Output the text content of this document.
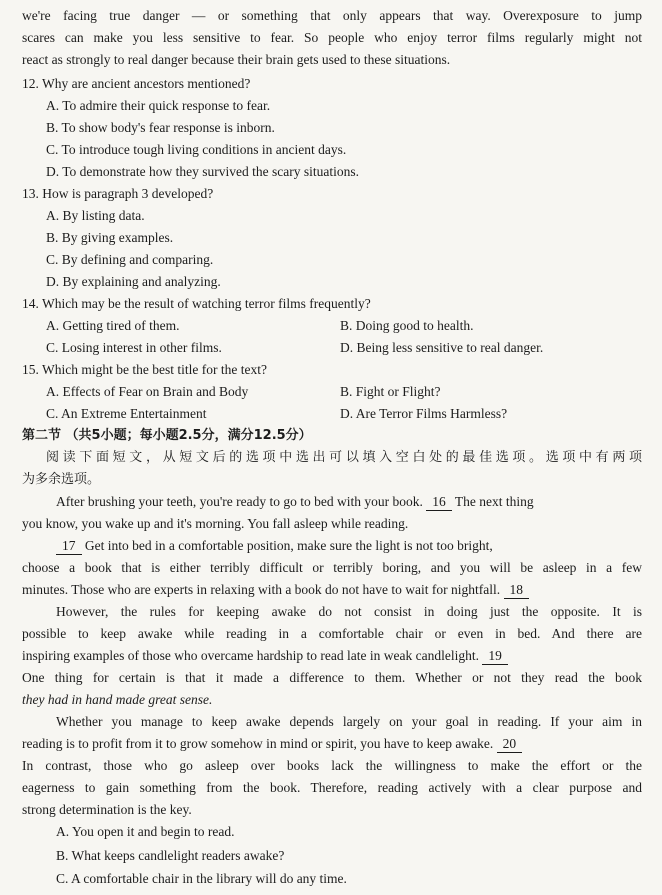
we're facing true danger — or something that only appears that way. Overexposure to jump
scares can make you less sensitive to fear. So people who enjoy terror films regularly might not
react as strongly to real danger because their brain gets used to these situations.
12. Why are ancient ancestors mentioned?
A. To admire their quick response to fear.
B. To show body's fear response is inborn.
C. To introduce tough living conditions in ancient days.
D. To demonstrate how they survived the scary situations.
13. How is paragraph 3 developed?
A. By listing data.
B. By giving examples.
C. By defining and comparing.
D. By explaining and analyzing.
14. Which may be the result of watching terror films frequently?
A. Getting tired of them.	B. Doing good to health.
C. Losing interest in other films.	D. Being less sensitive to real danger.
15. Which might be the best title for the text?
A. Effects of Fear on Brain and Body	B. Fight or Flight?
C. An Extreme Entertainment	D. Are Terror Films Harmless?
第二节 （共5小题；每小题2.5分，满分12.5分）
阅读下面短文，从短文后的选项中选出可以填入空白处的最佳选项。选项中有两项
为多余选项。
After brushing your teeth, you're ready to go to bed with your book. 16 The next thing
you know, you wake up and it's morning. You fall asleep while reading.
17 Get into bed in a comfortable position, make sure the light is not too bright,
choose a book that is either terribly difficult or terribly boring, and you will be asleep in a few
minutes. Those who are experts in relaxing with a book do not have to wait for nightfall. 18
However, the rules for keeping awake do not consist in doing just the opposite. It is
possible to keep awake while reading in a comfortable chair or even in bed. And there are
inspiring examples of those who overcame hardship to read late in weak candlelight. 19
One thing for certain is that it made a difference to them. Whether or not they read the book
they had in hand made great sense.
Whether you manage to keep awake depends largely on your goal in reading. If your aim in
reading is to profit from it to grow somehow in mind or spirit, you have to keep awake. 20
In contrast, those who go asleep over books lack the willingness to make the effort or the
eagerness to gain something from the book. Therefore, reading actively with a clear purpose and
strong determination is the key.
A. You open it and begin to read.
B. What keeps candlelight readers awake?
C. A comfortable chair in the library will do any time.
